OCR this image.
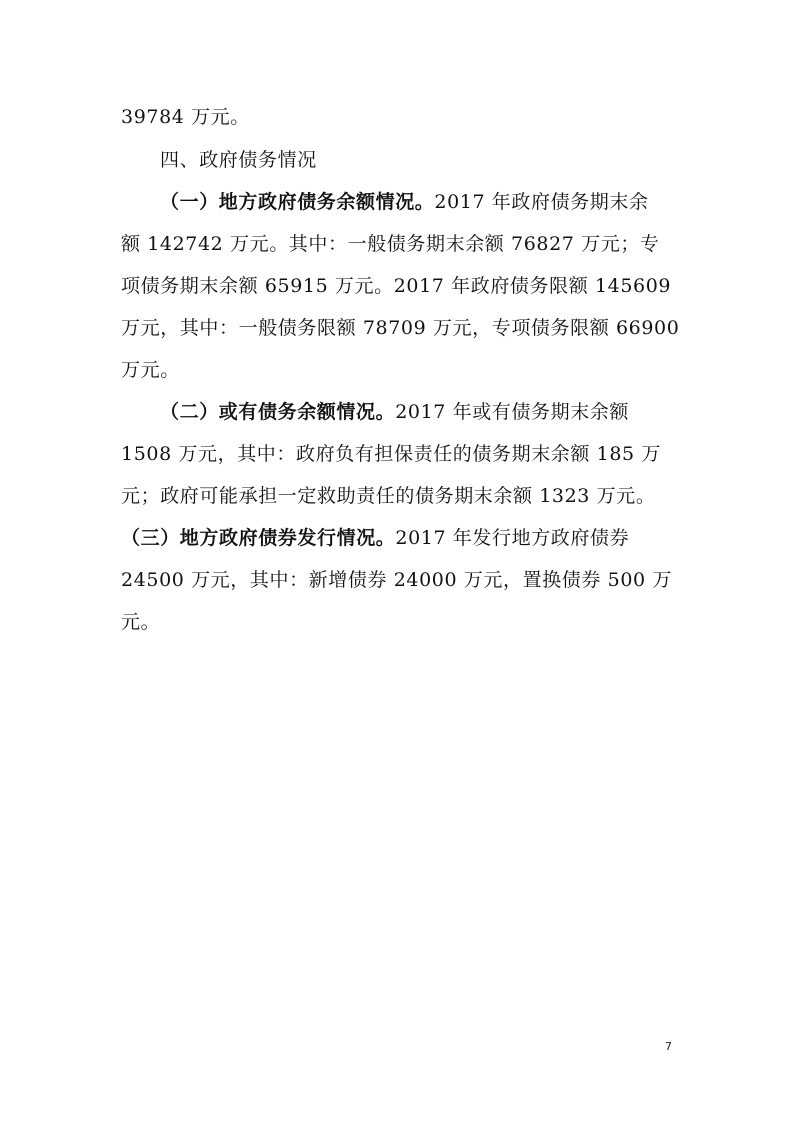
39784 万元。
四、政府债务情况
（一）地方政府债务余额情况。2017 年政府债务期末余
额 142742 万元。其中：一般债务期末余额 76827 万元；专
项债务期末余额 65915 万元。2017 年政府债务限额 145609
万元，其中：一般债务限额 78709 万元，专项债务限额 66900
万元。
（二）或有债务余额情况。2017 年或有债务期末余额
1508 万元，其中：政府负有担保责任的债务期末余额 185 万
元；政府可能承担一定救助责任的债务期末余额 1323 万元。
（三）地方政府债券发行情况。2017 年发行地方政府债券
24500 万元，其中：新增债券 24000 万元，置换债券 500 万
元。
7
